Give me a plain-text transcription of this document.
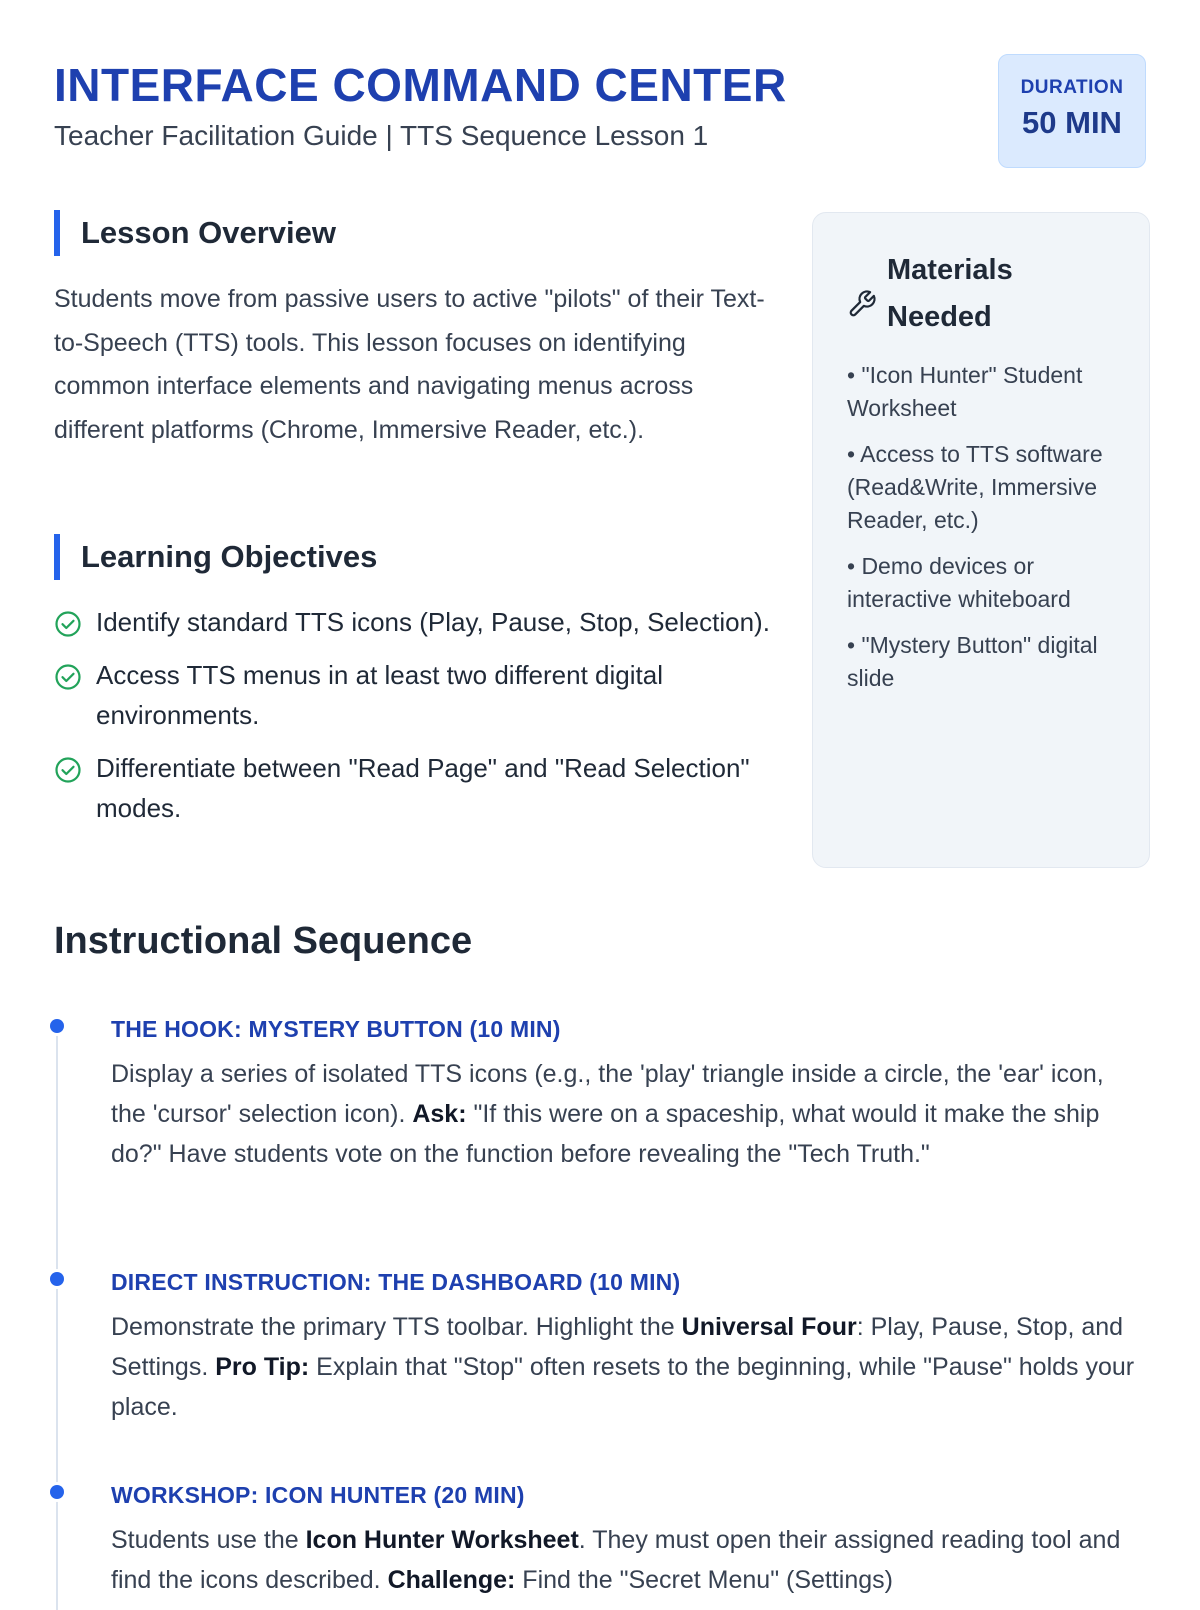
INTERFACE COMMAND CENTER
Teacher Facilitation Guide | TTS Sequence Lesson 1
DURATION
50 MIN
Lesson Overview
Students move from passive users to active "pilots" of their Text-to-Speech (TTS) tools. This lesson focuses on identifying common interface elements and navigating menus across different platforms (Chrome, Immersive Reader, etc.).
Learning Objectives
Identify standard TTS icons (Play, Pause, Stop, Selection).
Access TTS menus in at least two different digital environments.
Differentiate between "Read Page" and "Read Selection" modes.
Materials Needed
• "Icon Hunter" Student Worksheet
• Access to TTS software (Read&Write, Immersive Reader, etc.)
• Demo devices or interactive whiteboard
• "Mystery Button" digital slide
Instructional Sequence
THE HOOK: MYSTERY BUTTON (10 MIN)
Display a series of isolated TTS icons (e.g., the 'play' triangle inside a circle, the 'ear' icon, the 'cursor' selection icon). Ask: "If this were on a spaceship, what would it make the ship do?" Have students vote on the function before revealing the "Tech Truth."
DIRECT INSTRUCTION: THE DASHBOARD (10 MIN)
Demonstrate the primary TTS toolbar. Highlight the Universal Four: Play, Pause, Stop, and Settings. Pro Tip: Explain that "Stop" often resets to the beginning, while "Pause" holds your place.
WORKSHOP: ICON HUNTER (20 MIN)
Students use the Icon Hunter Worksheet. They must open their assigned reading tool and find the icons described. Challenge: Find the "Secret Menu" (Settings)
